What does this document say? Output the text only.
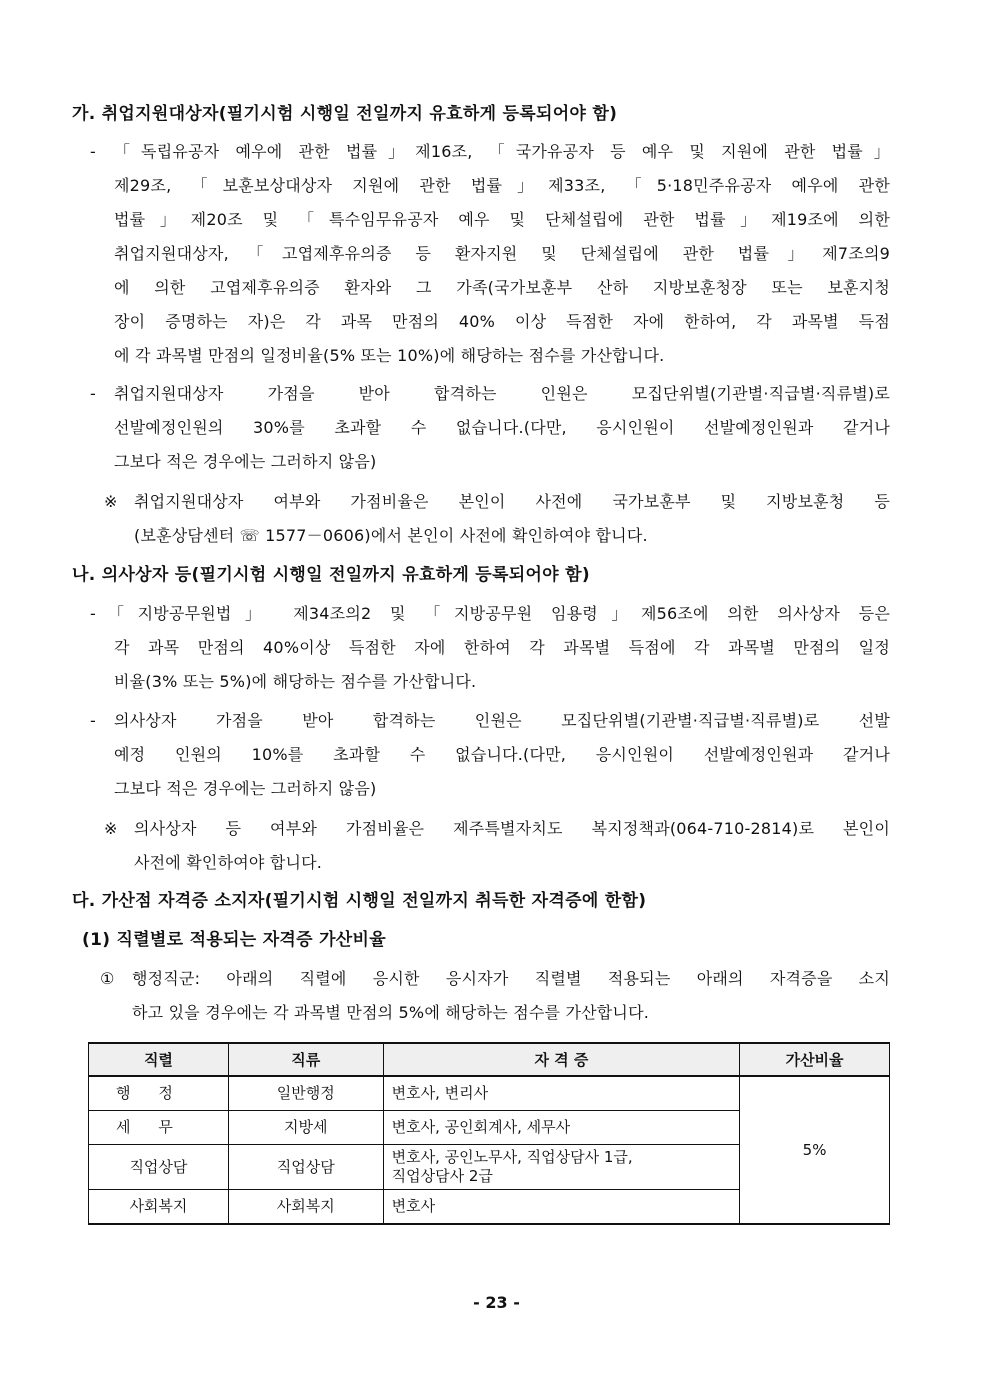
가. 취업지원대상자(필기시험 시행일 전일까지 유효하게 등록되어야 함)
- 「독립유공자 예우에 관한 법률」제16조, 「국가유공자 등 예우 및 지원에 관한 법률」
제29조, 「보훈보상대상자 지원에 관한 법률」제33조, 「5·18민주유공자 예우에 관한
법률」제20조 및 「특수임무유공자 예우 및 단체설립에 관한 법률」제19조에 의한
취업지원대상자,「고엽제후유의증 등 환자지원 및 단체설립에 관한 법률」제7조의9
에 의한 고엽제후유의증 환자와 그 가족(국가보훈부 산하 지방보훈청장 또는 보훈지청
장이 증명하는 자)은 각 과목 만점의 40% 이상 득점한 자에 한하여, 각 과목별 득점
에 각 과목별 만점의 일정비율(5% 또는 10%)에 해당하는 점수를 가산합니다.
- 취업지원대상자 가점을 받아 합격하는 인원은 모집단위별(기관별·직급별·직류별)로
선발예정인원의 30%를 초과할 수 없습니다.(다만, 응시인원이 선발예정인원과 같거나
그보다 적은 경우에는 그러하지 않음)
※ 취업지원대상자 여부와 가점비율은 본인이 사전에 국가보훈부 및 지방보훈청 등
(보훈상담센터 ☏ 1577－0606)에서 본인이 사전에 확인하여야 합니다.
나. 의사상자 등(필기시험 시행일 전일까지 유효하게 등록되어야 함)
- 「지방공무원법」 제34조의2 및 「지방공무원 임용령」제56조에 의한 의사상자 등은
각 과목 만점의 40%이상 득점한 자에 한하여 각 과목별 득점에 각 과목별 만점의 일정
비율(3% 또는 5%)에 해당하는 점수를 가산합니다.
- 의사상자 가점을 받아 합격하는 인원은 모집단위별(기관별·직급별·직류별)로 선발
예정 인원의 10%를 초과할 수 없습니다.(다만, 응시인원이 선발예정인원과 같거나
그보다 적은 경우에는 그러하지 않음)
※ 의사상자 등 여부와 가점비율은 제주특별자치도 복지정책과(064-710-2814)로 본인이
사전에 확인하여야 합니다.
다. 가산점 자격증 소지자(필기시험 시행일 전일까지 취득한 자격증에 한함)
(1) 직렬별로 적용되는 자격증 가산비율
① 행정직군: 아래의 직렬에 응시한 응시자가 직렬별 적용되는 아래의 자격증을 소지
하고 있을 경우에는 각 과목별 만점의 5%에 해당하는 점수를 가산합니다.
직렬	직류	자 격 증	가산비율
행정	일반행정	변호사, 변리사	5%
세무	지방세	변호사, 공인회계사, 세무사	
직업상담	직업상담	변호사, 공인노무사, 직업상담사 1급,
직업상담사 2급	

사회복지	사회복지	변호사	
- 23 -
